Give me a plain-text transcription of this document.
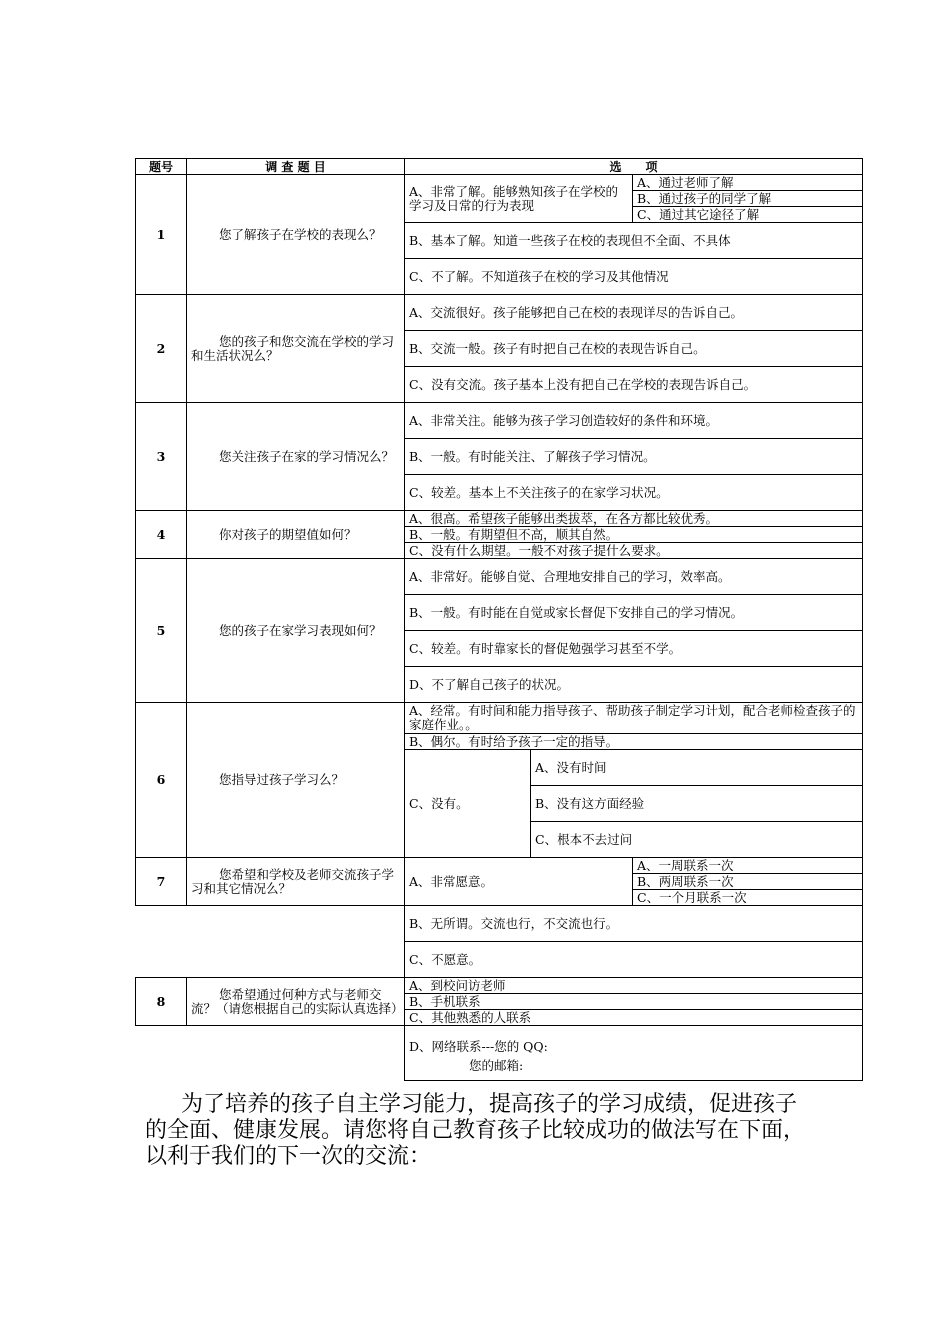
题号	调 查 题 目	选　　项		
1	您了解孩子在学校的表现么？	A、非常了解。能够熟知孩子在学校的学习及日常的行为表现		A、通过老师了解
				B、通过孩子的同学了解
				C、通过其它途径了解
		B、基本了解。知道一些孩子在校的表现但不全面、不具体		
		C、不了解。不知道孩子在校的学习及其他情况		
2	您的孩子和您交流在学校的学习和生活状况么？	A、交流很好。孩子能够把自己在校的表现详尽的告诉自己。		
		B、交流一般。孩子有时把自己在校的表现告诉自己。		
		C、没有交流。孩子基本上没有把自己在学校的表现告诉自己。		
3	您关注孩子在家的学习情况么？	A、非常关注。能够为孩子学习创造较好的条件和环境。		
		B、一般。有时能关注、了解孩子学习情况。		
		C、较差。基本上不关注孩子的在家学习状况。		
4	你对孩子的期望值如何？	A、很高。希望孩子能够出类拔萃，在各方都比较优秀。		
		B、一般。有期望但不高，顺其自然。		
		C、没有什么期望。一般不对孩子提什么要求。		
5	您的孩子在家学习表现如何？	A、非常好。能够自觉、合理地安排自己的学习，效率高。		
		B、一般。有时能在自觉或家长督促下安排自己的学习情况。		
		C、较差。有时靠家长的督促勉强学习甚至不学。		
		D、不了解自己孩子的状况。		
6	您指导过孩子学习么？	A、经常。有时间和能力指导孩子、帮助孩子制定学习计划，配合老师检查孩子的家庭作业。。		
		B、偶尔。有时给予孩子一定的指导。		
		C、没有。	A、没有时间	
			B、没有这方面经验	
			C、根本不去过问	
7	您希望和学校及老师交流孩子学习和其它情况么？	A、非常愿意。		A、一周联系一次
				B、两周联系一次
				C、一个月联系一次
		B、无所谓。交流也行，不交流也行。		
		C、不愿意。		
8	您希望通过何种方式与老师交流？（请您根据自己的实际认真选择）	A、到校问访老师		
		B、手机联系		
		C、其他熟悉的人联系		

		D、网络联系---您的 QQ:
您的邮箱:		
为了培养的孩子自主学习能力，提高孩子的学习成绩，促进孩子的全面、健康发展。请您将自己教育孩子比较成功的做法写在下面，以利于我们的下一次的交流：
